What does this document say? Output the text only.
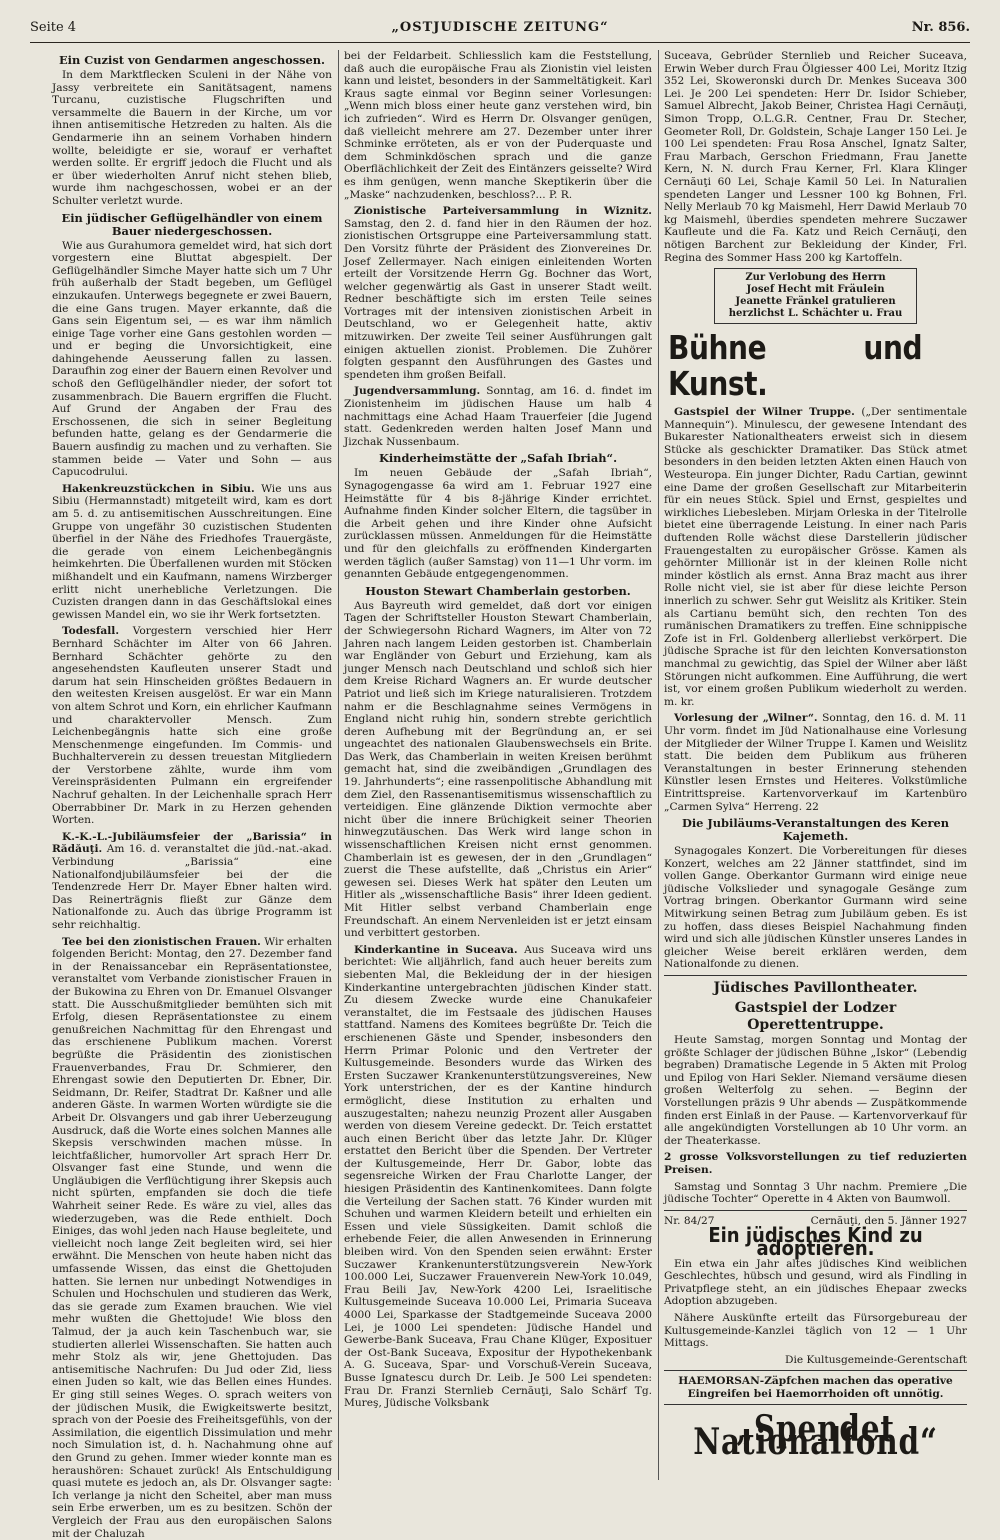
Seite 4	„OSTJUDISCHE ZEITUNG“	Nr. 856.
Ein Cuzist von Gendarmen angeschossen.

In dem Marktflecken Sculeni in der Nähe von Jassy verbreitete ein Sanitätsagent, namens Turcanu, cuzistische Flugschriften und versammelte die Bauern in der Kirche, um vor ihnen antisemitische Hetzreden zu halten. Als die Gendarmerie ihn an seinem Vorhaben hindern wollte, beleidigte er sie, worauf er verhaftet werden sollte. Er ergriff jedoch die Flucht und als er über wiederholten Anruf nicht stehen blieb, wurde ihm nachgeschossen, wobei er an der Schulter verletzt wurde.

Ein jüdischer Geflügelhändler von einem Bauer niedergeschossen.

Wie aus Gurahumora gemeldet wird, hat sich dort vorgestern eine Bluttat abgespielt. Der Geflügelhändler Simche Mayer hatte sich um 7 Uhr früh außerhalb der Stadt begeben, um Geflügel einzukaufen. Unterwegs begegnete er zwei Bauern, die eine Gans trugen. Mayer erkannte, daß die Gans sein Eigentum sei, — es war ihm nämlich einige Tage vorher eine Gans gestohlen worden — und er beging die Unvorsichtigkeit, eine dahingehende Aeusserung fallen zu lassen. Daraufhin zog einer der Bauern einen Revolver und schoß den Geflügelhändler nieder, der sofort tot zusammenbrach. Die Bauern ergriffen die Flucht. Auf Grund der Angaben der Frau des Erschossenen, die sich in seiner Begleitung befunden hatte, gelang es der Gendarmerie die Bauern ausfindig zu machen und zu verhaften. Sie stammen beide — Vater und Sohn — aus Capucodrului.

Hakenkreuzstückchen in Sibiu. Wie uns aus Sibiu (Hermannstadt) mitgeteilt wird, kam es dort am 5. d. zu antisemitischen Ausschreitungen. Eine Gruppe von ungefähr 30 cuzistischen Studenten überfiel in der Nähe des Friedhofes Trauergäste, die gerade von einem Leichenbegängnis heimkehrten. Die Überfallenen wurden mit Stöcken mißhandelt und ein Kaufmann, namens Wirzberger erlitt nicht unerhebliche Verletzungen. Die Cuzisten drangen dann in das Geschäftslokal eines gewissen Mandel ein, wo sie ihr Werk fortsetzten.

Todesfall. Vorgestern verschied hier Herr Bernhard Schächter im Alter von 66 Jahren. Bernhard Schächter gehörte zu den angesehendsten Kaufleuten unserer Stadt und darum hat sein Hinscheiden größtes Bedauern in den weitesten Kreisen ausgelöst. Er war ein Mann von altem Schrot und Korn, ein ehrlicher Kaufmann und charaktervoller Mensch. Zum Leichenbegängnis hatte sich eine große Menschenmenge eingefunden. Im Commis- und Buchhalterverein zu dessen treuestan Mitgliedern der Verstorbene zählte, wurde ihm vom Vereinspräsidenten Pulmann ein ergreifender Nachruf gehalten. In der Leichenhalle sprach Herr Oberrabbiner Dr. Mark in zu Herzen gehenden Worten.

K.-K.-L.-Jubiläumsfeier der „Barissia“ in Rădăuţi. Am 16. d. veranstaltet die jüd.-nat.-akad. Verbindung „Barissia“ eine Nationalfondjubiläumsfeier bei der die Tendenzrede Herr Dr. Mayer Ebner halten wird. Das Reinerträgnis fließt zur Gänze dem Nationalfonde zu. Auch das übrige Programm ist sehr reichhaltig.

Tee bei den zionistischen Frauen. Wir erhalten folgenden Bericht: Montag, den 27. Dezember fand in der Renaissancebar ein Repräsentationstee, veranstaltet vom Verbande zionistischer Frauen in der Bukowina zu Ehren von Dr. Emanuel Olsvanger statt. Die Ausschußmitglieder bemühten sich mit Erfolg, diesen Repräsentationstee zu einem genußreichen Nachmittag für den Ehrengast und das erschienene Publikum machen. Vorerst begrüßte die Präsidentin des zionistischen Frauenverbandes, Frau Dr. Schmierer, den Ehrengast sowie den Deputierten Dr. Ebner, Dir. Seidmann, Dr. Reifer, Stadtrat Dr. Kaßner und alle anderen Gäste. In warmen Worten würdigte sie die Arbeit Dr. Olsvangers und gab ihrer Ueberzeugung Ausdruck, daß die Worte eines solchen Mannes alle Skepsis verschwinden machen müsse. In leichtfaßlicher, humorvoller Art sprach Herr Dr. Olsvanger fast eine Stunde, und wenn die Ungläubigen die Verflüchtigung ihrer Skepsis auch nicht spürten, empfanden sie doch die tiefe Wahrheit seiner Rede. Es wäre zu viel, alles das wiederzugeben, was die Rede enthielt. Doch Einiges, das wohl jeden nach Hause begleitete, und vielleicht noch lange Zeit begleiten wird, sei hier erwähnt. Die Menschen von heute haben nicht das umfassende Wissen, das einst die Ghettojuden hatten. Sie lernen nur unbedingt Notwendiges in Schulen und Hochschulen und studieren das Werk, das sie gerade zum Examen brauchen. Wie viel mehr wußten die Ghettojude! Wie bloss den Talmud, der ja auch kein Taschenbuch war, sie studierten allerlei Wissenschaften. Sie hatten auch mehr Stolz als wir, jene Ghettojuden. Das antisemitische Nachrufen: Du Jud oder Zid, liess einen Juden so kalt, wie das Bellen eines Hundes. Er ging still seines Weges. O. sprach weiters von der jüdischen Musik, die Ewigkeitswerte besitzt, sprach von der Poesie des Freiheitsgefühls, von der Assimilation, die eigentlich Dissimulation und mehr noch Simulation ist, d. h. Nachahmung ohne auf den Grund zu gehen. Immer wieder konnte man es heraushören: Schauet zurück! Als Entschuldigung quasi mutete es jedoch an, als Dr. Olsvanger sagte: Ich verlange ja nicht den Scheitel, aber man muss sein Erbe erwerben, um es zu besitzen. Schön der Vergleich der Frau aus den europäischen Salons mit der Chaluzah

bei der Feldarbeit. Schliesslich kam die Feststellung, daß auch die europäische Frau als Zionistin viel leisten kann und leistet, besonders in der Sammeltätigkeit. Karl Kraus sagte einmal vor Beginn seiner Vorlesungen: „Wenn mich bloss einer heute ganz verstehen wird, bin ich zufrieden“. Wird es Herrn Dr. Olsvanger genügen, daß vielleicht mehrere am 27. Dezember unter ihrer Schminke erröteten, als er von der Puderquaste und dem Schminkdöschen sprach und die ganze Oberflächlichkeit der Zeit des Eintänzers geisselte? Wird es ihm genügen, wenn manche Skeptikerin über die „Maske“ nachzudenken, beschloss?... P. R.

Zionistische Parteiversammlung in Wiznitz. Samstag, den 2. d. fand hier in den Räumen der hoz. zionistischen Ortsgruppe eine Parteiversammlung statt. Den Vorsitz führte der Präsident des Zionvereines Dr. Josef Zellermayer. Nach einigen einleitenden Worten erteilt der Vorsitzende Herrn Gg. Bochner das Wort, welcher gegenwärtig als Gast in unserer Stadt weilt. Redner beschäftigte sich im ersten Teile seines Vortrages mit der intensiven zionistischen Arbeit in Deutschland, wo er Gelegenheit hatte, aktiv mitzuwirken. Der zweite Teil seiner Ausführungen galt einigen aktuellen zionist. Problemen. Die Zuhörer folgten gespannt den Ausführungen des Gastes und spendeten ihm großen Beifall.

Jugendversammlung. Sonntag, am 16. d. findet im Zionistenheim im jüdischen Hause um halb 4 nachmittags eine Achad Haam Trauerfeier [die Jugend statt. Gedenkreden werden halten Josef Mann und Jizchak Nussenbaum.

Kinderheimstätte der „Safah Ibriah“.

Im neuen Gebäude der „Safah Ibriah“, Synagogengasse 6a wird am 1. Februar 1927 eine Heimstätte für 4 bis 8-jährige Kinder errichtet. Aufnahme finden Kinder solcher Eltern, die tagsüber in die Arbeit gehen und ihre Kinder ohne Aufsicht zurücklassen müssen. Anmeldungen für die Heimstätte und für den gleichfalls zu eröffnenden Kindergarten werden täglich (außer Samstag) von 11—1 Uhr vorm. im genannten Gebäude entgegengenommen.

Houston Stewart Chamberlain gestorben.

Aus Bayreuth wird gemeldet, daß dort vor einigen Tagen der Schriftsteller Houston Stewart Chamberlain, der Schwiegersohn Richard Wagners, im Alter von 72 Jahren nach langem Leiden gestorben ist. Chamberlain war Engländer von Geburt und Erziehung, kam als junger Mensch nach Deutschland und schloß sich hier dem Kreise Richard Wagners an. Er wurde deutscher Patriot und ließ sich im Kriege naturalisieren. Trotzdem nahm er die Beschlagnahme seines Vermögens in England nicht ruhig hin, sondern strebte gerichtlich deren Aufhebung mit der Begründung an, er sei ungeachtet des nationalen Glaubenswechsels ein Brite. Das Werk, das Chamberlain in weiten Kreisen berühmt gemacht hat, sind die zweibändigen „Grundlagen des 19. Jahrhunderts“; eine rassenpolitische Abhandlung mit dem Ziel, den Rassenantisemitismus wissenschaftlich zu verteidigen. Eine glänzende Diktion vermochte aber nicht über die innere Brüchigkeit seiner Theorien hinwegzutäuschen. Das Werk wird lange schon in wissenschaftlichen Kreisen nicht ernst genommen. Chamberlain ist es gewesen, der in den „Grundlagen“ zuerst die These aufstellte, daß „Christus ein Arier“ gewesen sei. Dieses Werk hat später den Leuten um Hitler als „wissenschaftliche Basis“ ihrer Ideen gedient. Mit Hitler selbst verband Chamberlain enge Freundschaft. An einem Nervenleiden ist er jetzt einsam und verbittert gestorben.

Kinderkantine in Suceava. Aus Suceava wird uns berichtet: Wie alljährlich, fand auch heuer bereits zum siebenten Mal, die Bekleidung der in der hiesigen Kinderkantine untergebrachten jüdischen Kinder statt. Zu diesem Zwecke wurde eine Chanukafeier veranstaltet, die im Festsaale des jüdischen Hauses stattfand. Namens des Komitees begrüßte Dr. Teich die erschienenen Gäste und Spender, insbesonders den Herrn Primar Polonic und den Vertreter der Kultusgemeinde. Besonders wurde das Wirken des Ersten Suczawer Krankenunterstützungsvereines, New York unterstrichen, der es der Kantine hindurch ermöglicht, diese Institution zu erhalten und auszugestalten; nahezu neunzig Prozent aller Ausgaben werden von diesem Vereine gedeckt. Dr. Teich erstattet auch einen Bericht über das letzte Jahr. Dr. Klüger erstattet den Bericht über die Spenden. Der Vertreter der Kultusgemeinde, Herr Dr. Gabor, lobte das segensreiche Wirken der Frau Charlotte Langer, der hiesigen Präsidentin des Kantinenkomitees. Dann folgte die Verteilung der Sachen statt. 76 Kinder wurden mit Schuhen und warmen Kleidern beteilt und erhielten ein Essen und viele Süssigkeiten. Damit schloß die erhebende Feier, die allen Anwesenden in Erinnerung bleiben wird. Von den Spenden seien erwähnt: Erster Suczawer Krankenunterstützungsverein New-York 100.000 Lei, Suczawer Frauenverein New-York 10.049, Frau Beili Jav, New-York 4200 Lei, Israelitische Kultusgemeinde Suceava 10.000 Lei, Primaria Suceava 4000 Lei, Sparkasse der Stadtgemeinde Suceava 2000 Lei, je 1000 Lei spendeten: Jüdische Handel und Gewerbe-Bank Suceava, Frau Chane Klüger, Exposituer der Ost-Bank Suceava, Expositur der Hypothekenbank A. G. Suceava, Spar- und Vorschuß-Verein Suceava, Busse Ignatescu durch Dr. Leib. Je 500 Lei spendeten: Frau Dr. Franzi Sternlieb Cernăuţi, Salo Schärf Tg. Mureş, Jüdische Volksbank

Suceava, Gebrüder Sternlieb und Reicher Suceava, Erwin Weber durch Frau Ölgiesser 400 Lei, Moritz Itzig 352 Lei, Skoweronski durch Dr. Menkes Suceava 300 Lei. Je 200 Lei spendeten: Herr Dr. Isidor Schieber, Samuel Albrecht, Jakob Beiner, Christea Hagi Cernăuţi, Simon Tropp, O.L.G.R. Centner, Frau Dr. Stecher, Geometer Roll, Dr. Goldstein, Schaje Langer 150 Lei. Je 100 Lei spendeten: Frau Rosa Anschel, Ignatz Salter, Frau Marbach, Gerschon Friedmann, Frau Janette Kern, N. N. durch Frau Kerner, Frl. Klara Klinger Cernăuţi 60 Lei, Schaje Kamil 50 Lei. In Naturalien spendeten Langer und Lessner 100 kg Bohnen, Frl. Nelly Merlaub 70 kg Maismehl, Herr Dawid Merlaub 70 kg Maismehl, überdies spendeten mehrere Suczawer Kaufleute und die Fa. Katz und Reich Cernăuţi, den nötigen Barchent zur Bekleidung der Kinder, Frl. Regina des Sommer Hass 200 kg Kartoffeln.

Zur Verlobung des Herrn
Josef Hecht mit Fräulein
Jeanette Fränkel gratulieren
herzlichst L. Schächter u. Frau
Bühne und Kunst.

Gastspiel der Wilner Truppe. („Der sentimentale Mannequin“). Minulescu, der gewesene Intendant des Bukarester Nationaltheaters erweist sich in diesem Stücke als geschickter Dramatiker. Das Stück atmet besonders in den beiden letzten Akten einen Hauch von Westeuropa. Ein junger Dichter, Radu Cartian, gewinnt eine Dame der großen Gesellschaft zur Mitarbeiterin für ein neues Stück. Spiel und Ernst, gespieltes und wirkliches Liebesleben. Mirjam Orleska in der Titelrolle bietet eine überragende Leistung. In einer nach Paris duftenden Rolle wächst diese Darstellerin jüdischer Frauengestalten zu europäischer Grösse. Kamen als gehörnter Millionär ist in der kleinen Rolle nicht minder köstlich als ernst. Anna Braz macht aus ihrer Rolle nicht viel, sie ist aber für diese leichte Person innerlich zu schwer. Sehr gut Weislitz als Kritiker. Stein als Cartianu bemüht sich, den rechten Ton des rumänischen Dramatikers zu treffen. Eine schnippische Zofe ist in Frl. Goldenberg allerliebst verkörpert. Die jüdische Sprache ist für den leichten Konversationston manchmal zu gewichtig, das Spiel der Wilner aber läßt Störungen nicht aufkommen. Eine Aufführung, die wert ist, vor einem großen Publikum wiederholt zu werden. m. kr.

Vorlesung der „Wilner“. Sonntag, den 16. d. M. 11 Uhr vorm. findet im Jüd Nationalhause eine Vorlesung der Mitglieder der Wilner Truppe I. Kamen und Weislitz statt. Die beiden dem Publikum aus früheren Veranstaltungen in bester Erinnerung stehenden Künstler lesen Ernstes und Heiteres. Volkstümliche Eintrittspreise. Kartenvorverkauf im Kartenbüro „Carmen Sylva“ Herreng. 22

Die Jubiläums-Veranstaltungen des Keren Kajemeth.

Synagogales Konzert. Die Vorbereitungen für dieses Konzert, welches am 22 Jänner stattfindet, sind im vollen Gange. Oberkantor Gurmann wird einige neue jüdische Volkslieder und synagogale Gesänge zum Vortrag bringen. Oberkantor Gurmann wird seine Mitwirkung seinen Betrag zum Jubiläum geben. Es ist zu hoffen, dass dieses Beispiel Nachahmung finden wird und sich alle jüdischen Künstler unseres Landes in gleicher Weise bereit erklären werden, dem Nationalfonde zu dienen.

Jüdisches Pavillontheater.
Gastspiel der Lodzer Operettentruppe.

Heute Samstag, morgen Sonntag und Montag der größte Schlager der jüdischen Bühne „Iskor“ (Lebendig begraben) Dramatische Legende in 5 Akten mit Prolog und Epilog von Hari Sekler. Niemand versäume diesen großen Welterfolg zu sehen. — Beginn der Vorstellungen präzis 9 Uhr abends — Zuspätkommende finden erst Einlaß in der Pause. — Kartenvorverkauf für alle angekündigten Vorstellungen ab 10 Uhr vorm. an der Theaterkasse.

2 grosse Volksvorstellungen zu tief reduzierten Preisen.

Samstag und Sonntag 3 Uhr nachm. Premiere „Die jüdische Tochter“ Operette in 4 Akten von Baumwoll.

Nr. 84/27	Cernăuţi, den 5. Jänner 1927
Ein jüdisches Kind zu adoptieren.

Ein etwa ein Jahr altes jüdisches Kind weiblichen Geschlechtes, hübsch und gesund, wird als Findling in Privatpflege steht, an ein jüdisches Ehepaar zwecks Adoption abzugeben.

Nähere Auskünfte erteilt das Fürsorgebureau der Kultusgemeinde-Kanzlei täglich von 12 — 1 Uhr Mittags.

Die Kultusgemeinde-Gerentschaft

HAEMORSAN-Zäpfchen machen das operative Eingreifen bei Haemorrhoiden oft unnötig.

„Spendet Nationalfond“
